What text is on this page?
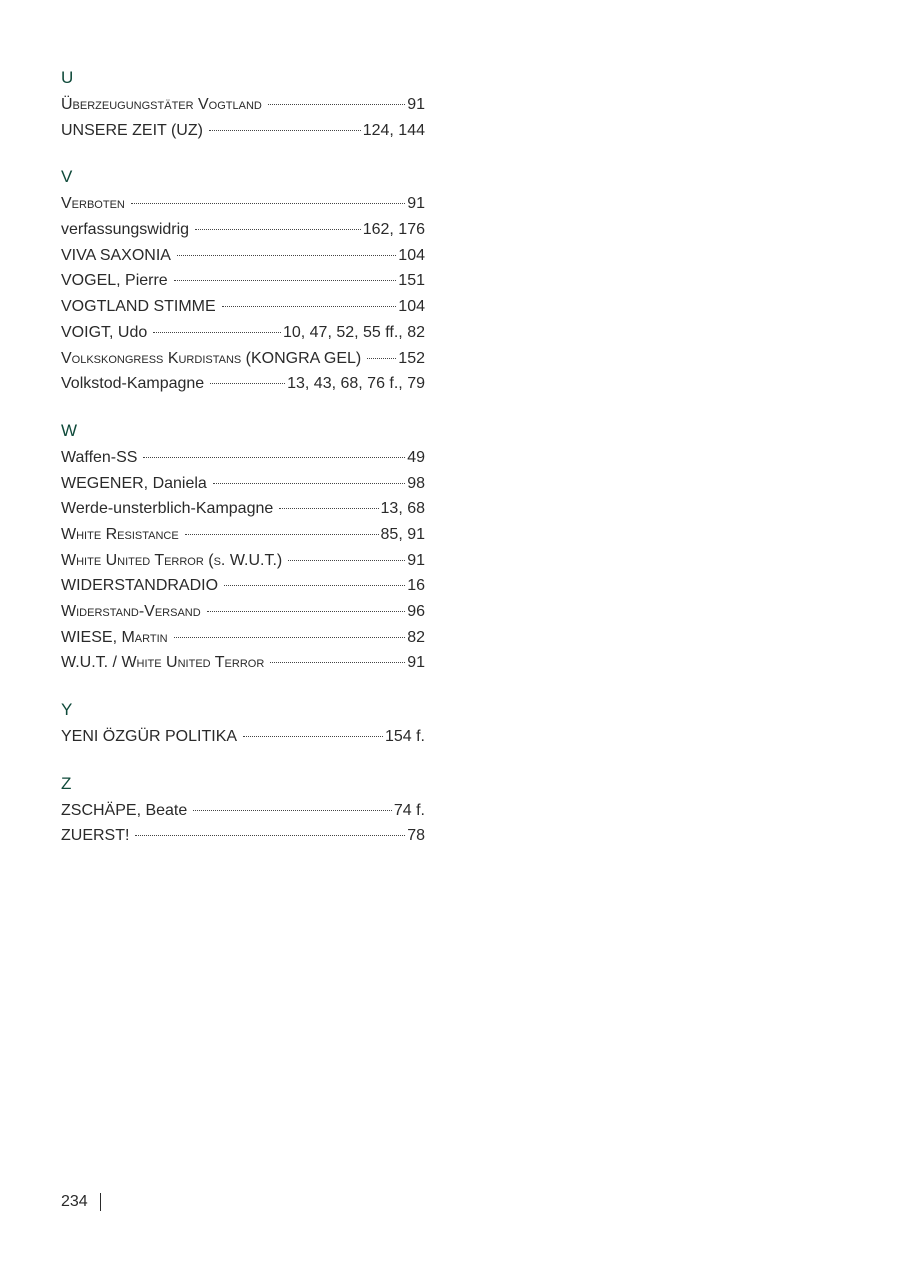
U
Überzeugungstäter Vogtland	91
UNSERE ZEIT (UZ)	124, 144
V
Verboten	91
verfassungswidrig	162, 176
VIVA SAXONIA	104
VOGEL, Pierre	151
VOGTLAND STIMME	104
VOIGT, Udo	10, 47, 52, 55 ff., 82
Volkskongress Kurdistans (KONGRA GEL) 152
Volkstod-Kampagne	13, 43, 68, 76 f., 79
W
Waffen-SS	49
WEGENER, Daniela	98
Werde-unsterblich-Kampagne	13, 68
White Resistance	85, 91
White United Terror (s. W.U.T.)	91
WIDERSTANDRADIO	16
Widerstand-Versand	96
WIESE, Martin	82
W.U.T. / White United Terror	91
Y
YENI ÖZGÜR POLITIKA	154 f.
Z
ZSCHÄPE, Beate	74 f.
ZUERST!	78
234
